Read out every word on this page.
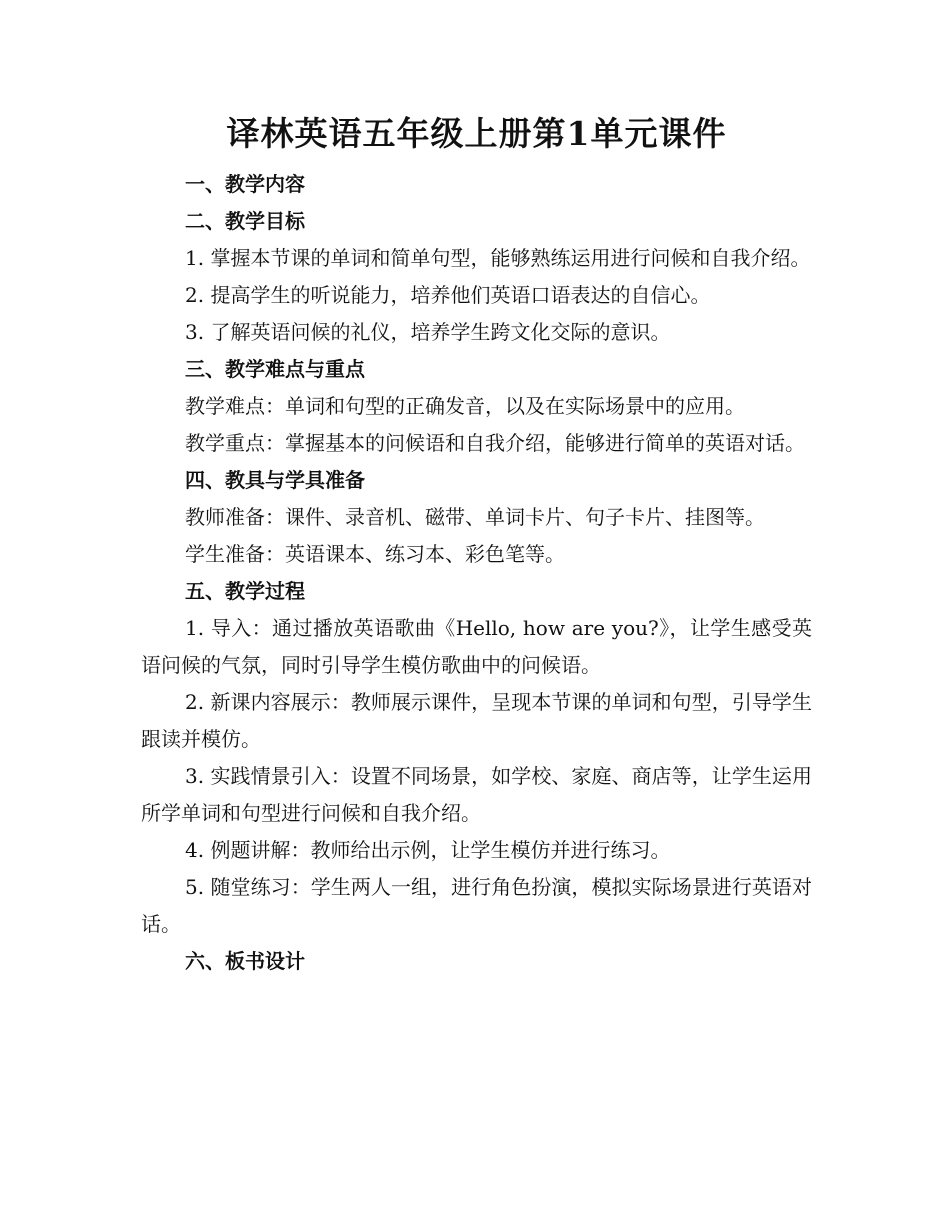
译林英语五年级上册第1单元课件

一、教学内容

二、教学目标

1. 掌握本节课的单词和简单句型，能够熟练运用进行问候和自我介绍。

2. 提高学生的听说能力，培养他们英语口语表达的自信心。

3. 了解英语问候的礼仪，培养学生跨文化交际的意识。

三、教学难点与重点

教学难点：单词和句型的正确发音，以及在实际场景中的应用。

教学重点：掌握基本的问候语和自我介绍，能够进行简单的英语对话。

四、教具与学具准备

教师准备：课件、录音机、磁带、单词卡片、句子卡片、挂图等。

学生准备：英语课本、练习本、彩色笔等。

五、教学过程

1. 导入：通过播放英语歌曲《Hello, how are you?》，让学生感受英语问候的气氛，同时引导学生模仿歌曲中的问候语。

2. 新课内容展示：教师展示课件，呈现本节课的单词和句型，引导学生跟读并模仿。

3. 实践情景引入：设置不同场景，如学校、家庭、商店等，让学生运用所学单词和句型进行问候和自我介绍。

4. 例题讲解：教师给出示例，让学生模仿并进行练习。

5. 随堂练习：学生两人一组，进行角色扮演，模拟实际场景进行英语对话。

六、板书设计
